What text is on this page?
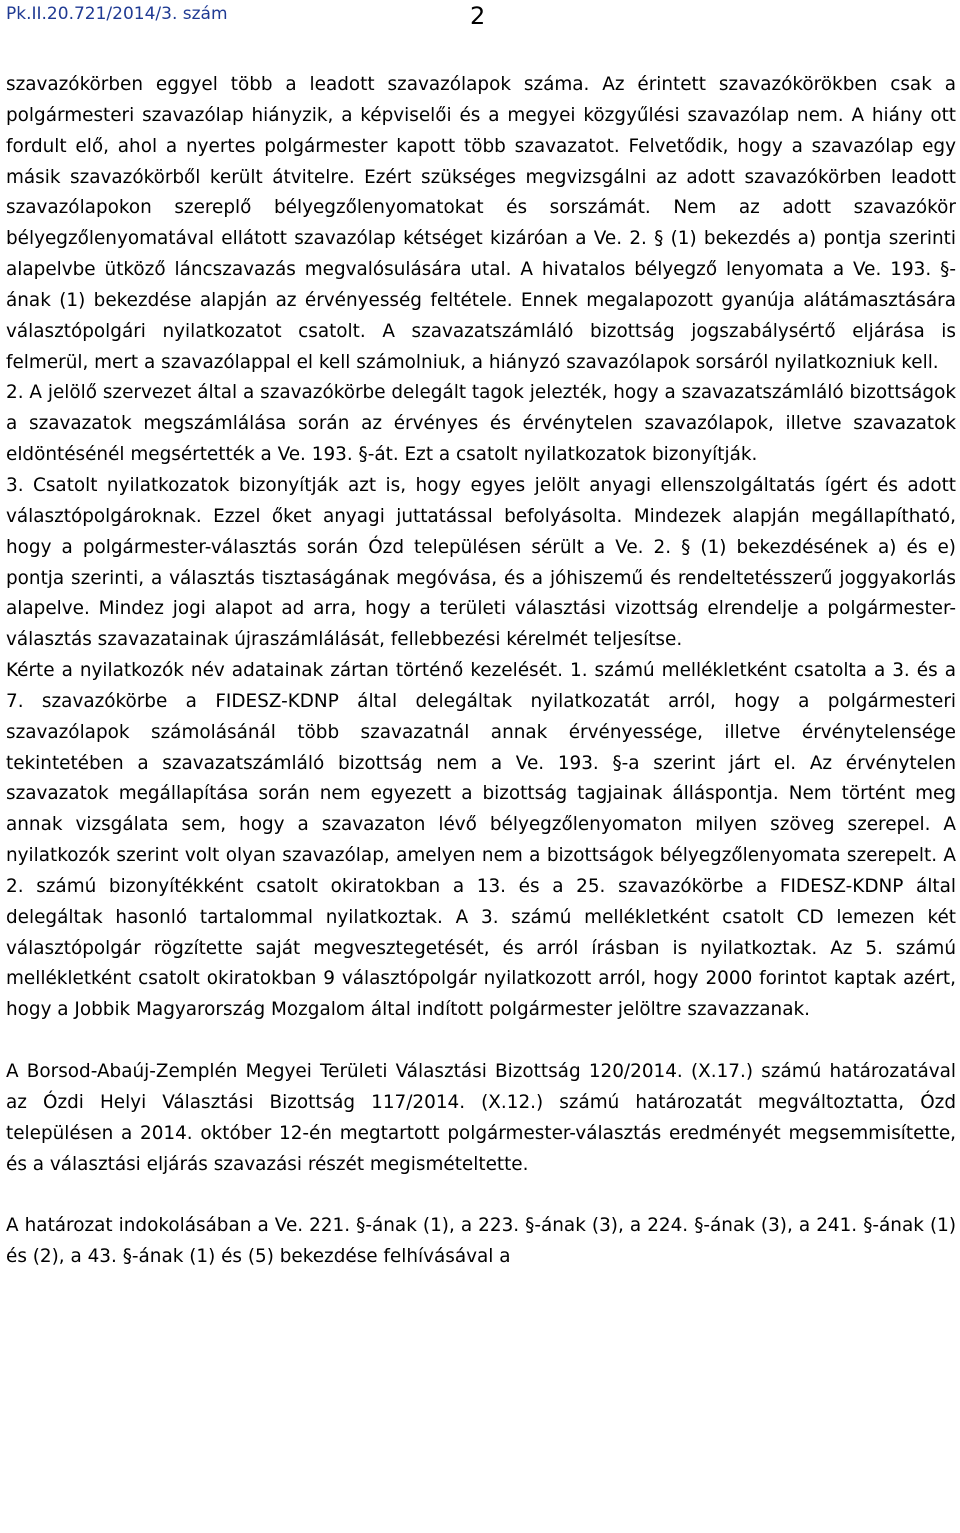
Pk.II.20.721/2014/3. szám	2

szavazókörben eggyel több a leadott szavazólapok száma. Az érintett szavazókörökben csak a polgármesteri szavazólap hiányzik, a képviselői és a megyei közgyűlési szavazólap nem. A hiány ott fordult elő, ahol a nyertes polgármester kapott több szavazatot. Felvetődik, hogy a szavazólap egy másik szavazókörből került átvitelre. Ezért szükséges megvizsgálni az adott szavazókörben leadott szavazólapokon szereplő bélyegzőlenyomatokat és sorszámát. Nem az adott szavazókör bélyegzőlenyomatával ellátott szavazólap kétséget kizáróan a Ve. 2. § (1) bekezdés a) pontja szerinti alapelvbe ütköző láncszavazás megvalósulására utal. A hivatalos bélyegző lenyomata a Ve. 193. §-ának (1) bekezdése alapján az érvényesség feltétele. Ennek megalapozott gyanúja alátámasztására választópolgári nyilatkozatot csatolt. A szavazatszámláló bizottság jogszabálysértő eljárása is felmerül, mert a szavazólappal el kell számolniuk, a hiányzó szavazólapok sorsáról nyilatkozniuk kell.

2. A jelölő szervezet által a szavazókörbe delegált tagok jelezték, hogy a szavazatszámláló bizottságok a szavazatok megszámlálása során az érvényes és érvénytelen szavazólapok, illetve szavazatok eldöntésénél megsértették a Ve. 193. §-át. Ezt a csatolt nyilatkozatok bizonyítják.

3. Csatolt nyilatkozatok bizonyítják azt is, hogy egyes jelölt anyagi ellenszolgáltatás ígért és adott választópolgároknak. Ezzel őket anyagi juttatással befolyásolta. Mindezek alapján megállapítható, hogy a polgármester-választás során Ózd településen sérült a Ve. 2. § (1) bekezdésének a) és e) pontja szerinti, a választás tisztaságának megóvása, és a jóhiszemű és rendeltetésszerű joggyakorlás alapelve. Mindez jogi alapot ad arra, hogy a területi választási vizottság elrendelje a polgármester-választás szavazatainak újraszámlálását, fellebbezési kérelmét teljesítse.

Kérte a nyilatkozók név adatainak zártan történő kezelését. 1. számú mellékletként csatolta a 3. és a 7. szavazókörbe a FIDESZ-KDNP által delegáltak nyilatkozatát arról, hogy a polgármesteri szavazólapok számolásánál több szavazatnál annak érvényessége, illetve érvénytelensége tekintetében a szavazatszámláló bizottság nem a Ve. 193. §-a szerint járt el. Az érvénytelen szavazatok megállapítása során nem egyezett a bizottság tagjainak álláspontja. Nem történt meg annak vizsgálata sem, hogy a szavazaton lévő bélyegzőlenyomaton milyen szöveg szerepel. A nyilatkozók szerint volt olyan szavazólap, amelyen nem a bizottságok bélyegzőlenyomata szerepelt. A 2. számú bizonyítékként csatolt okiratokban a 13. és a 25. szavazókörbe a FIDESZ-KDNP által delegáltak hasonló tartalommal nyilatkoztak. A 3. számú mellékletként csatolt CD lemezen két választópolgár rögzítette saját megvesztegetését, és arról írásban is nyilatkoztak. Az 5. számú mellékletként csatolt okiratokban 9 választópolgár nyilatkozott arról, hogy 2000 forintot kaptak azért, hogy a Jobbik Magyarország Mozgalom által indított polgármester jelöltre szavazzanak.

A Borsod-Abaúj-Zemplén Megyei Területi Választási Bizottság 120/2014. (X.17.) számú határozatával az Ózdi Helyi Választási Bizottság 117/2014. (X.12.) számú határozatát megváltoztatta, Ózd településen a 2014. október 12-én megtartott polgármester-választás eredményét megsemmisítette, és a választási eljárás szavazási részét megismételtette.

A határozat indokolásában a Ve. 221. §-ának (1), a 223. §-ának (3), a 224. §-ának (3), a 241. §-ának (1) és (2), a 43. §-ának (1) és (5) bekezdése felhívásával a
